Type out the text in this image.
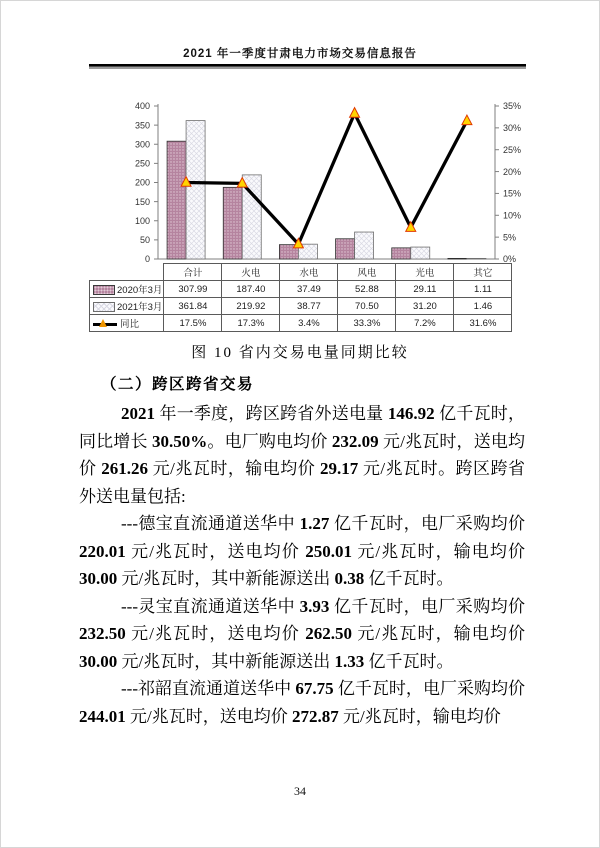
2021 年一季度甘肃电力市场交易信息报告
0
50
100
150
200
250
300
350
400
0%
5%
10%
15%
20%
25%
30%
35%
	合计	火电	水电	风电	光电	其它
2020年3月	307.99	187.40	37.49	52.88	29.11	1.11
2021年3月	361.84	219.92	38.77	70.50	31.20	1.46

同比	17.5%	17.3%	3.4%	33.3%	7.2%	31.6%
图 10 省内交易电量同期比较
（二）跨区跨省交易

2021 年一季度，跨区跨省外送电量 146.92 亿千瓦时，同比增长 30.50%。电厂购电均价 232.09 元/兆瓦时，送电均价 261.26 元/兆瓦时，输电均价 29.17 元/兆瓦时。跨区跨省外送电量包括:

---德宝直流通道送华中 1.27 亿千瓦时，电厂采购均价 220.01 元/兆瓦时，送电均价 250.01 元/兆瓦时，输电均价 30.00 元/兆瓦时，其中新能源送出 0.38 亿千瓦时。

---灵宝直流通道送华中 3.93 亿千瓦时，电厂采购均价 232.50 元/兆瓦时，送电均价 262.50 元/兆瓦时，输电均价 30.00 元/兆瓦时，其中新能源送出 1.33 亿千瓦时。

---祁韶直流通道送华中 67.75 亿千瓦时，电厂采购均价 244.01 元/兆瓦时，送电均价 272.87 元/兆瓦时，输电均价

34
